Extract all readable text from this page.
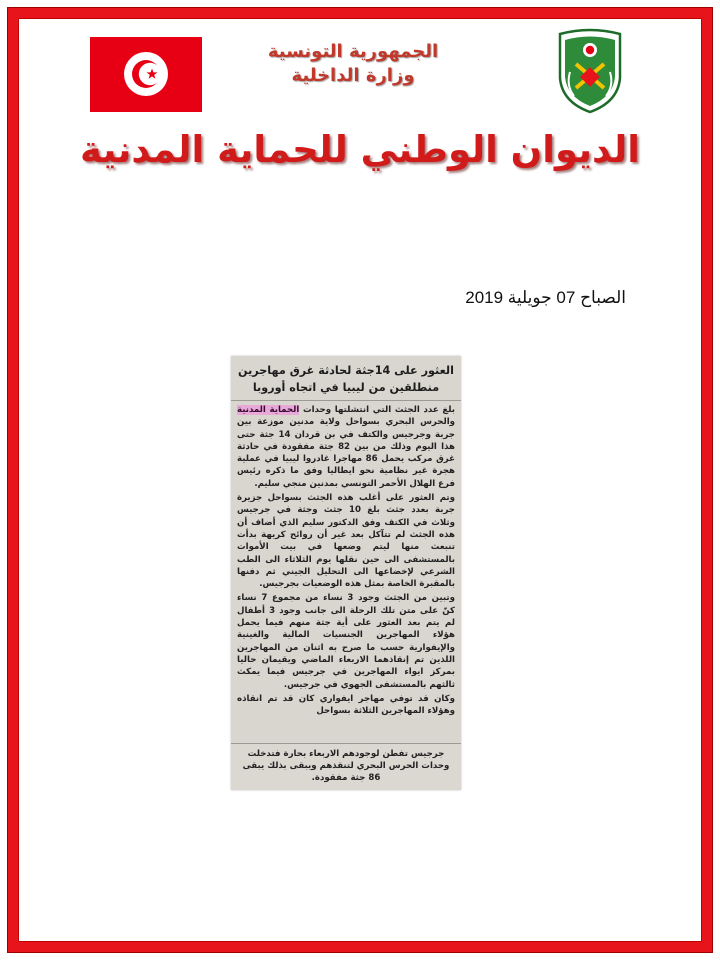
الجمهورية التونسية
وزارة الداخلية
الديوان الوطني للحماية المدنية
الصباح 07 جويلية 2019
العثور على 14جثة لحادثة غرق مهاجرين منطلقين من ليبيا في اتجاه أوروبا

بلغ عدد الجثث التي انتشلتها وحدات الحماية المدنية والحرس البحري بسواحل ولاية مدنين موزعة بين جربة وجرجيس والكتف في بن قردان 14 جثة حتى هذا اليوم وذلك من بين 82 جثة مفقودة في حادثة غرق مركب يحمل 86 مهاجرا غادروا ليبيا في عملية هجرة غير نظامية نحو ايطاليا وفق ما ذكره رئيس فرع الهلال الأحمر التونسي بمدنين منجي سليم.

وتم العثور على أغلب هذه الجثث بسواحل جزيرة جربة بعدد جثث بلغ 10 جثث وجثة في جرجيس وثلاث في الكتف وفق الدكتور سليم الذي أضاف أن هذه الجثث لم تتآكل بعد غير أن روائح كريهة بدأت تنبعث منها ليتم وضعها في بيت الأموات بالمستشفى الى حين نقلها يوم الثلاثاء الى الطب الشرعي لإخضاعها الى التحليل الجيني ثم دفنها بالمقبرة الخاصة بمثل هذه الوضعيات بجرجيس.

وتبين من الجثث وجود 3 نساء من مجموع 7 نساء كنّ على متن تلك الرحلة الى جانب وجود 3 أطفال لم يتم بعد العثور على أية جثة منهم فيما يحمل هؤلاء المهاجرين الجنسيات المالية والغينية والإيفوارية حسب ما صرح به اثنان من المهاجرين اللذين تم إنقاذهما الاربعاء الماضي ويقيمان حاليا بمركز ايواء المهاجرين في جرجيس فيما يمكث ثالثهم بالمستشفى الجهوي في جرجيس.

وكان قد توفي مهاجر ايفواري كان قد تم انقاذه وهؤلاء المهاجرين الثلاثة بسواحل

جرجيس تفطن لوجودهم الاربعاء بحارة فتدخلت وحدات الحرس البحري لتنقذهم ويبقى بذلك يبقى 86 جثة مفقودة.
